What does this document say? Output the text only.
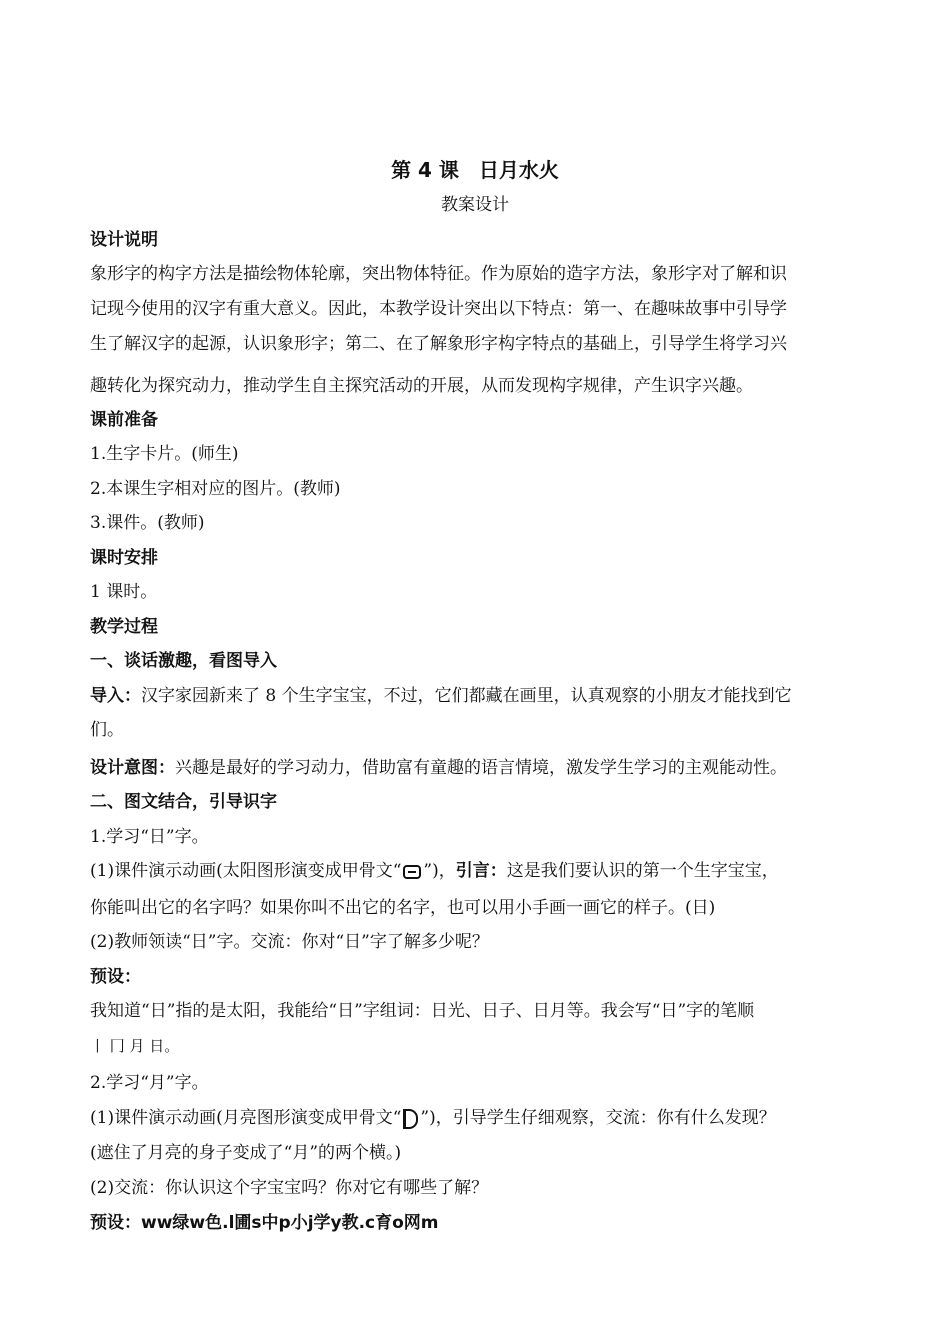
第 4 课　日月水火
教案设计
设计说明
象形字的构字方法是描绘物体轮廓，突出物体特征。作为原始的造字方法，象形字对了解和识
记现今使用的汉字有重大意义。因此，本教学设计突出以下特点：第一、在趣味故事中引导学
生了解汉字的起源，认识象形字；第二、在了解象形字构字特点的基础上，引导学生将学习兴
趣转化为探究动力，推动学生自主探究活动的开展，从而发现构字规律，产生识字兴趣。
课前准备
1.生字卡片。(师生)
2.本课生字相对应的图片。(教师)
3.课件。(教师)
课时安排
1 课时。
教学过程
一、谈话激趣，看图导入
导入：汉字家园新来了 8 个生字宝宝，不过，它们都藏在画里，认真观察的小朋友才能找到它
们。
设计意图：兴趣是最好的学习动力，借助富有童趣的语言情境，激发学生学习的主观能动性。
二、图文结合，引导识字
1.学习“日”字。
(1)课件演示动画(太阳图形演变成甲骨文“ ”)，引言：这是我们要认识的第一个生字宝宝，
你能叫出它的名字吗？如果你叫不出它的名字，也可以用小手画一画它的样子。(日)
(2)教师领读“日”字。交流：你对“日”字了解多少呢？
预设：
我知道“日”指的是太阳，我能给“日”字组词：日光、日子、日月等。我会写“日”字的笔顺
丨 冂 月 日。
2.学习“月”字。
(1)课件演示动画(月亮图形演变成甲骨文“ ”)，引导学生仔细观察，交流：你有什么发现？
(遮住了月亮的身子变成了“月”的两个横。)
(2)交流：你认识这个字宝宝吗？你对它有哪些了解？
预设：ww绿w色.l圃s中p小j学y教.c育o网m
